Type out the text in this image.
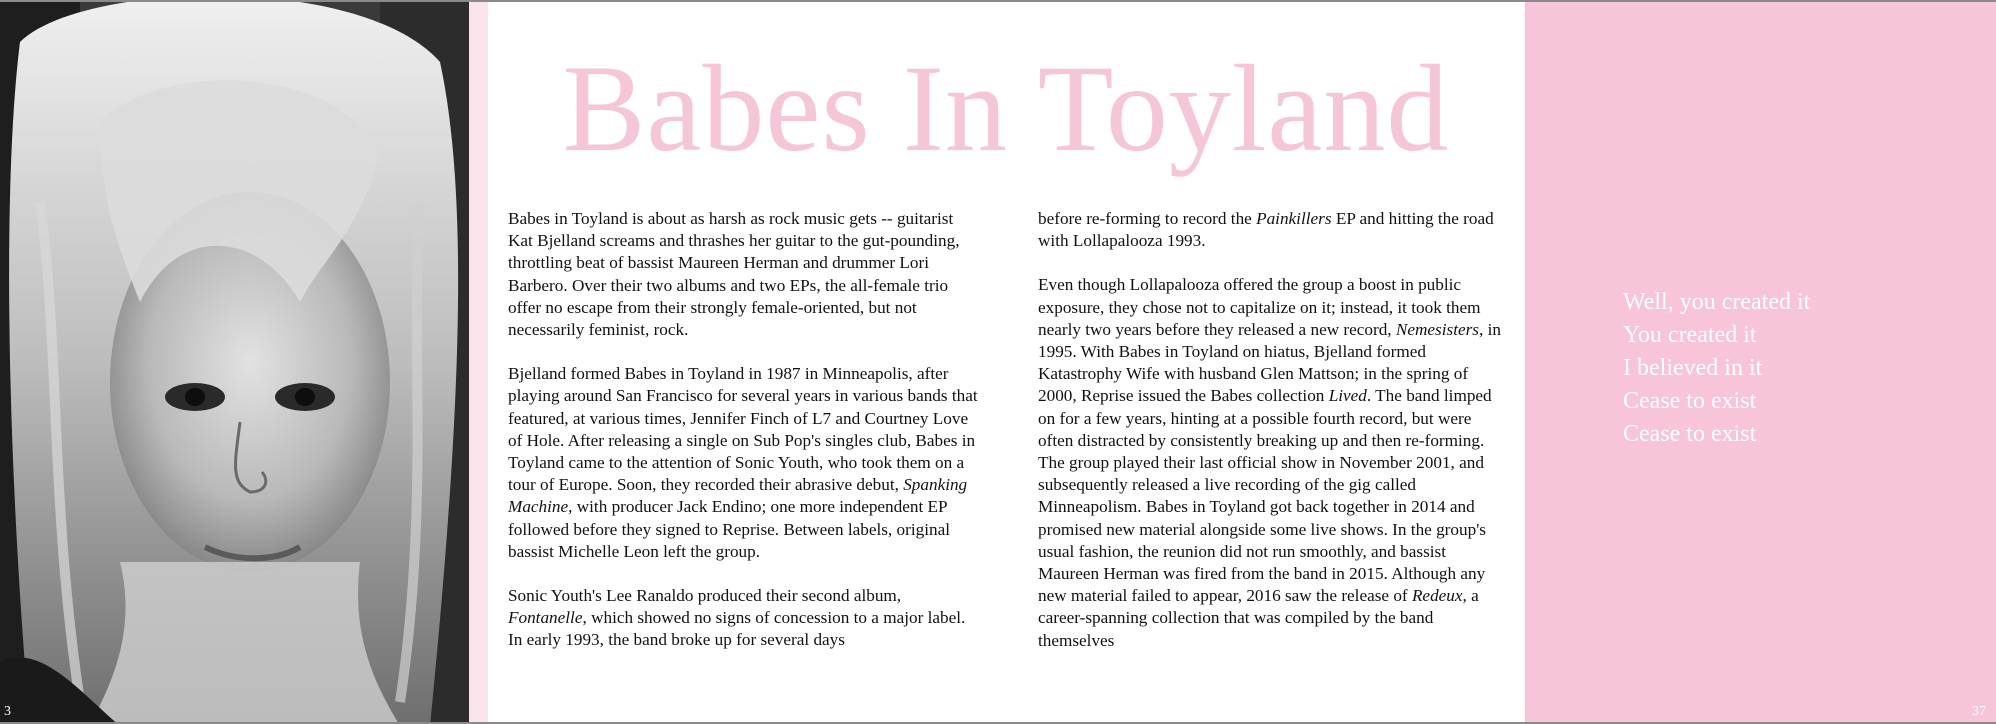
3
Babes In Toyland

Babes in Toyland is about as harsh as rock music gets -- guitarist Kat Bjelland screams and thrashes her guitar to the gut-pounding, throttling beat of bassist Maureen Herman and drummer Lori Barbero. Over their two albums and two EPs, the all-female trio offer no escape from their strongly female-oriented, but not necessarily feminist, rock.

Bjelland formed Babes in Toyland in 1987 in Minneapolis, after playing around San Francisco for several years in various bands that featured, at various times, Jennifer Finch of L7 and Courtney Love of Hole. After releasing a single on Sub Pop's singles club, Babes in Toyland came to the attention of Sonic Youth, who took them on a tour of Europe. Soon, they recorded their abrasive debut, Spanking Machine, with producer Jack Endino; one more independent EP followed before they signed to Reprise. Between labels, original bassist Michelle Leon left the group.

Sonic Youth's Lee Ranaldo produced their second album, Fontanelle, which showed no signs of concession to a major label. In early 1993, the band broke up for several days

before re-forming to record the Painkillers EP and hitting the road with Lollapalooza 1993.

Even though Lollapalooza offered the group a boost in public exposure, they chose not to capitalize on it; instead, it took them nearly two years before they released a new record, Nemesisters, in 1995. With Babes in Toyland on hiatus, Bjelland formed Katastrophy Wife with husband Glen Mattson; in the spring of 2000, Reprise issued the Babes collection Lived. The band limped on for a few years, hinting at a possible fourth record, but were often distracted by consistently breaking up and then re-forming. The group played their last official show in November 2001, and subsequently released a live recording of the gig called Minneapolism. Babes in Toyland got back together in 2014 and promised new material alongside some live shows. In the group's usual fashion, the reunion did not run smoothly, and bassist Maureen Herman was fired from the band in 2015. Although any new material failed to appear, 2016 saw the release of Redeux, a career-spanning collection that was compiled by the band themselves

Well, you created it
You created it
I believed in it
Cease to exist
Cease to exist
37
